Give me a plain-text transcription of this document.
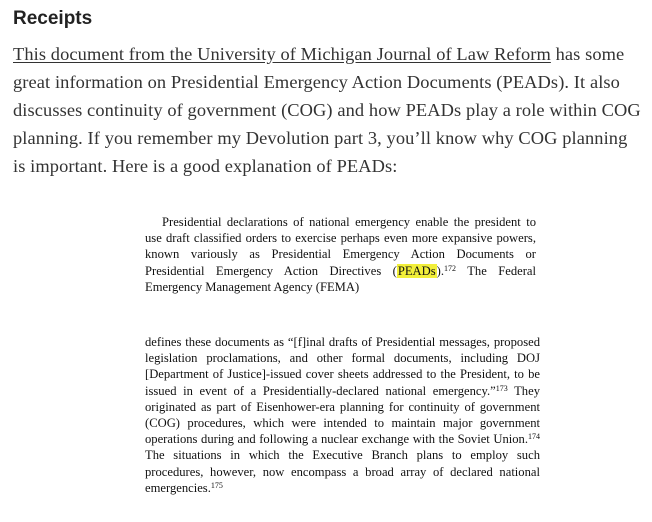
Receipts

This document from the University of Michigan Journal of Law Reform has some great information on Presidential Emergency Action Documents (PEADs). It also discusses continuity of government (COG) and how PEADs play a role within COG planning. If you remember my Devolution part 3, you’ll know why COG planning is important. Here is a good explanation of PEADs:

Presidential declarations of national emergency enable the president to use draft classified orders to exercise perhaps even more expansive powers, known variously as Presidential Emergency Action Documents or Presidential Emergency Action Directives (PEADs).$^{172}$ The Federal Emergency Management Agency (FEMA)

defines these documents as “[f]inal drafts of Presidential messages, proposed legislation proclamations, and other formal documents, including DOJ [Department of Justice]-issued cover sheets addressed to the President, to be issued in event of a Presidentially-declared national emergency.”$^{173}$ They originated as part of Eisenhower-era planning for continuity of government (COG) procedures, which were intended to maintain major government operations during and following a nuclear exchange with the Soviet Union.$^{174}$ The situations in which the Executive Branch plans to employ such procedures, however, now encompass a broad array of declared national emergencies.$^{175}$
